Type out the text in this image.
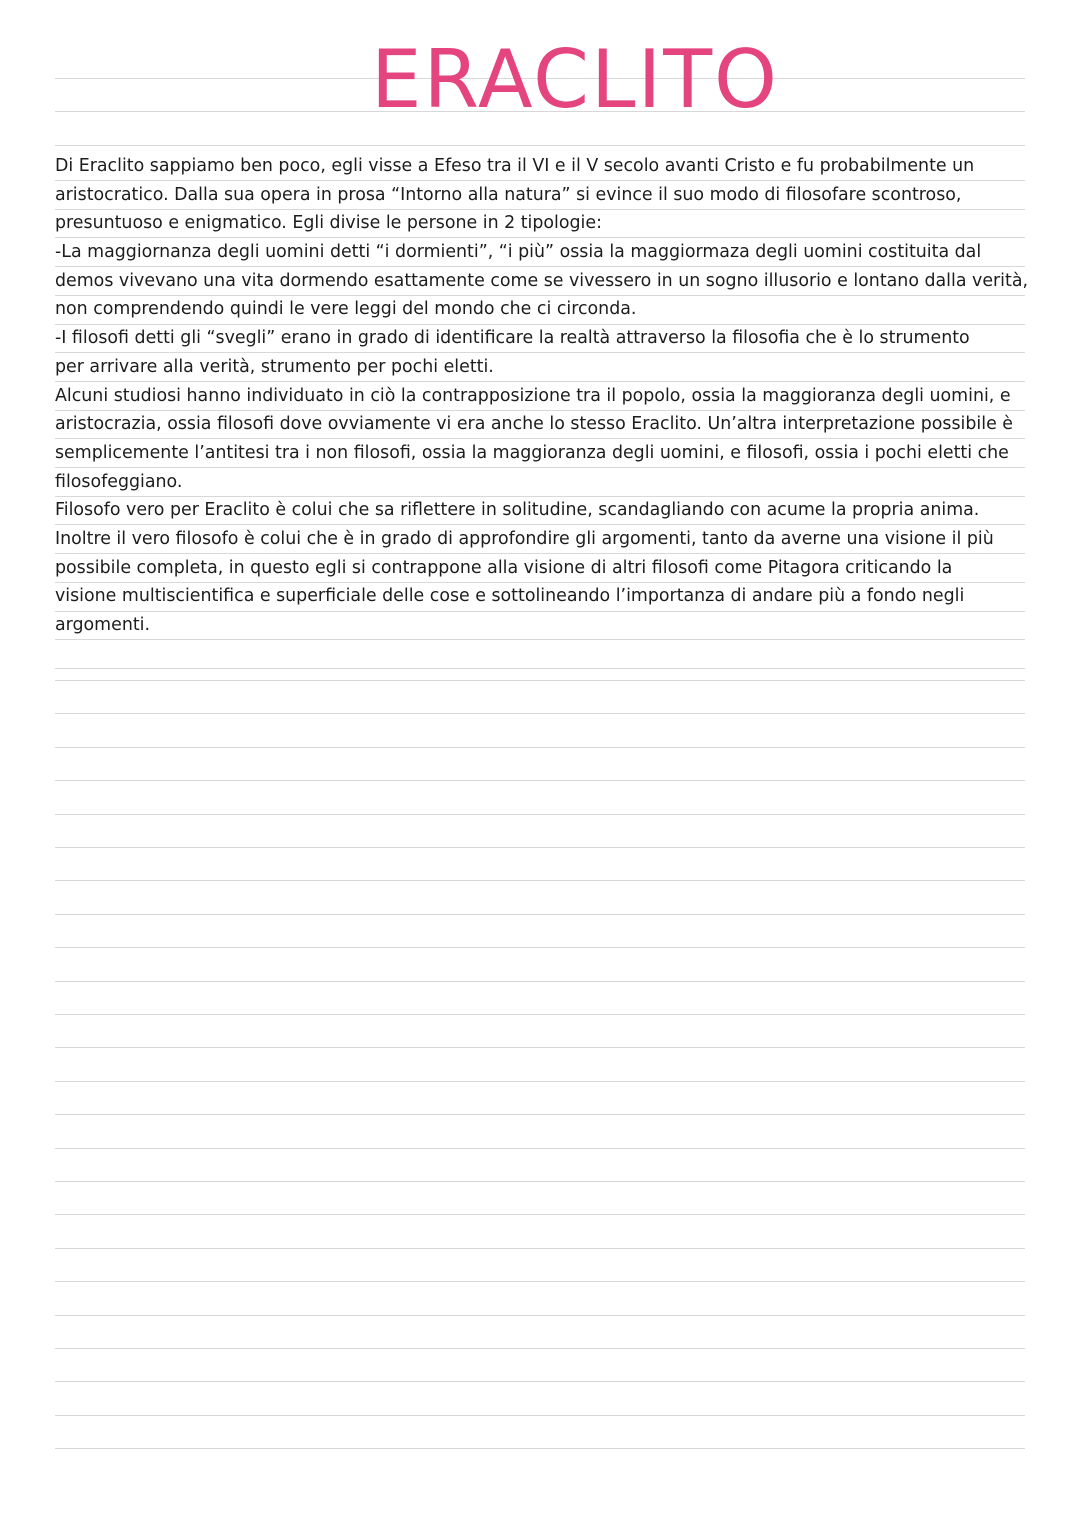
ERACLITO
Di Eraclito sappiamo ben poco, egli visse a Efeso tra il VI e il V secolo avanti Cristo e fu probabilmente un
aristocratico. Dalla sua opera in prosa “Intorno alla natura” si evince il suo modo di filosofare scontroso,
presuntuoso e enigmatico. Egli divise le persone in 2 tipologie:
-La maggiornanza degli uomini detti “i dormienti”, “i più” ossia la maggiormaza degli uomini costituita dal
demos vivevano una vita dormendo esattamente come se vivessero in un sogno illusorio e lontano dalla verità,
non comprendendo quindi le vere leggi del mondo che ci circonda.
-I filosofi detti gli “svegli” erano in grado di identificare la realtà attraverso la filosofia che è lo strumento
per arrivare alla verità, strumento per pochi eletti.
Alcuni studiosi hanno individuato in ciò la contrapposizione tra il popolo, ossia la maggioranza degli uomini, e
aristocrazia, ossia filosofi dove ovviamente vi era anche lo stesso Eraclito. Un’altra interpretazione possibile è
semplicemente l’antitesi tra i non filosofi, ossia la maggioranza degli uomini, e filosofi, ossia i pochi eletti che
filosofeggiano.
Filosofo vero per Eraclito è colui che sa riflettere in solitudine, scandagliando con acume la propria anima.
Inoltre il vero filosofo è colui che è in grado di approfondire gli argomenti, tanto da averne una visione il più
possibile completa, in questo egli si contrappone alla visione di altri filosofi come Pitagora criticando la
visione multiscientifica e superficiale delle cose e sottolineando l’importanza di andare più a fondo negli
argomenti.
